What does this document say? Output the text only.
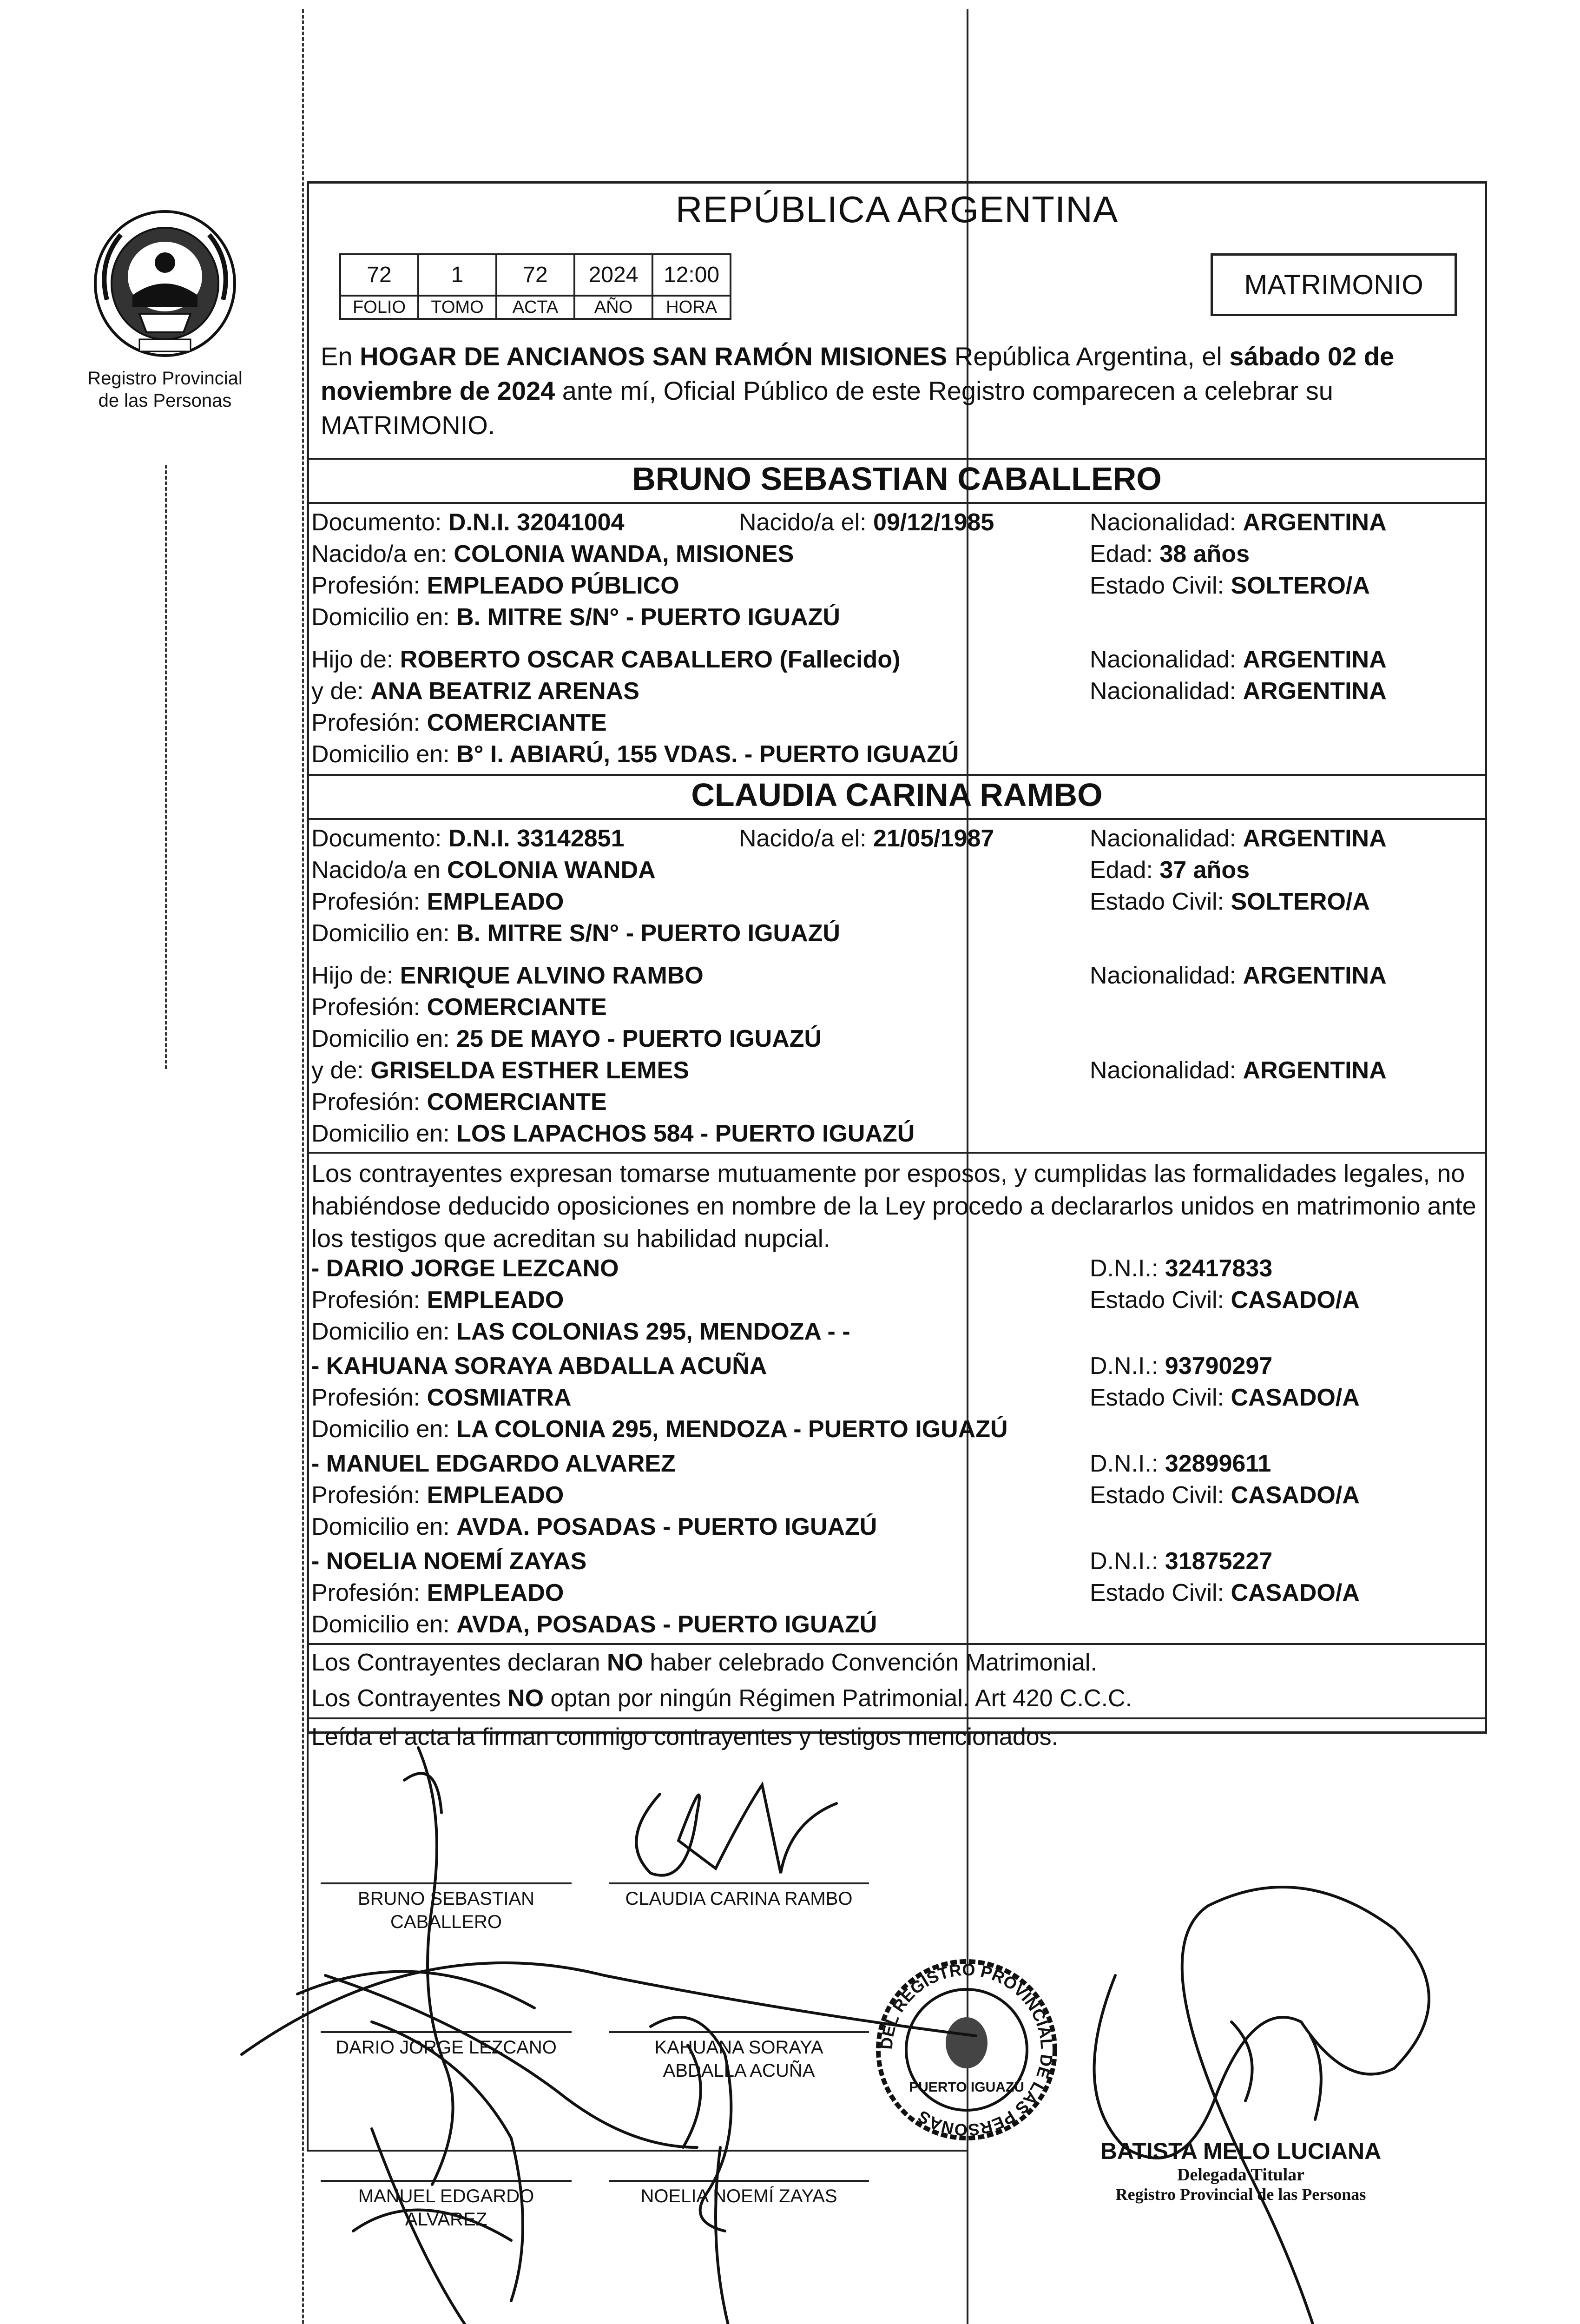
Registro Provincial
de las Personas
REPÚBLICA ARGENTINA
72	1	72	2024	12:00
FOLIO	TOMO	ACTA	AÑO	HORA
MATRIMONIO
En HOGAR DE ANCIANOS SAN RAMÓN MISIONES República Argentina, el sábado 02 de noviembre de 2024 ante mí, Oficial Público de este Registro comparecen a celebrar su MATRIMONIO.
BRUNO SEBASTIAN CABALLERO
Documento: D.N.I. 32041004	Nacido/a el: 09/12/1985	Nacionalidad: ARGENTINA
Nacido/a en: COLONIA WANDA, MISIONES	Edad: 38 años
Profesión: EMPLEADO PÚBLICO	Estado Civil: SOLTERO/A
Domicilio en: B. MITRE S/N° - PUERTO IGUAZÚ
Hijo de: ROBERTO OSCAR CABALLERO (Fallecido)	Nacionalidad: ARGENTINA
y de: ANA BEATRIZ ARENAS	Nacionalidad: ARGENTINA
Profesión: COMERCIANTE
Domicilio en: B° I. ABIARÚ, 155 VDAS. - PUERTO IGUAZÚ
CLAUDIA CARINA RAMBO
Documento: D.N.I. 33142851	Nacido/a el: 21/05/1987	Nacionalidad: ARGENTINA
Nacido/a en COLONIA WANDA	Edad: 37 años
Profesión: EMPLEADO	Estado Civil: SOLTERO/A
Domicilio en: B. MITRE S/N° - PUERTO IGUAZÚ
Hijo de: ENRIQUE ALVINO RAMBO	Nacionalidad: ARGENTINA
Profesión: COMERCIANTE
Domicilio en: 25 DE MAYO - PUERTO IGUAZÚ
y de: GRISELDA ESTHER LEMES	Nacionalidad: ARGENTINA
Profesión: COMERCIANTE
Domicilio en: LOS LAPACHOS 584 - PUERTO IGUAZÚ
Los contrayentes expresan tomarse mutuamente por esposos, y cumplidas las formalidades legales, no habiéndose deducido oposiciones en nombre de la Ley procedo a declararlos unidos en matrimonio ante los testigos que acreditan su habilidad nupcial.
- DARIO JORGE LEZCANO	D.N.I.: 32417833
Profesión: EMPLEADO	Estado Civil: CASADO/A
Domicilio en: LAS COLONIAS 295, MENDOZA - -
- KAHUANA SORAYA ABDALLA ACUÑA	D.N.I.: 93790297
Profesión: COSMIATRA	Estado Civil: CASADO/A
Domicilio en: LA COLONIA 295, MENDOZA - PUERTO IGUAZÚ
- MANUEL EDGARDO ALVAREZ	D.N.I.: 32899611
Profesión: EMPLEADO	Estado Civil: CASADO/A
Domicilio en: AVDA. POSADAS - PUERTO IGUAZÚ
- NOELIA NOEMÍ ZAYAS	D.N.I.: 31875227
Profesión: EMPLEADO	Estado Civil: CASADO/A
Domicilio en: AVDA, POSADAS - PUERTO IGUAZÚ
Los Contrayentes declaran NO haber celebrado Convención Matrimonial.
Los Contrayentes NO optan por ningún Régimen Patrimonial. Art 420 C.C.C.
Leída el acta la firman conmigo contrayentes y testigos mencionados.
BRUNO SEBASTIAN
CABALLERO
CLAUDIA CARINA RAMBO
DARIO JORGE LEZCANO	KAHUANA SORAYA
ABDALLA ACUÑA
MANUEL EDGARDO
ALVAREZ
NOELIA NOEMÍ ZAYAS
DEL REGISTRO PROVINCIAL DE LAS PERSONAS
PUERTO IGUAZÚ
BATISTA MELO LUCIANA
Delegada Titular
Registro Provincial de las Personas
